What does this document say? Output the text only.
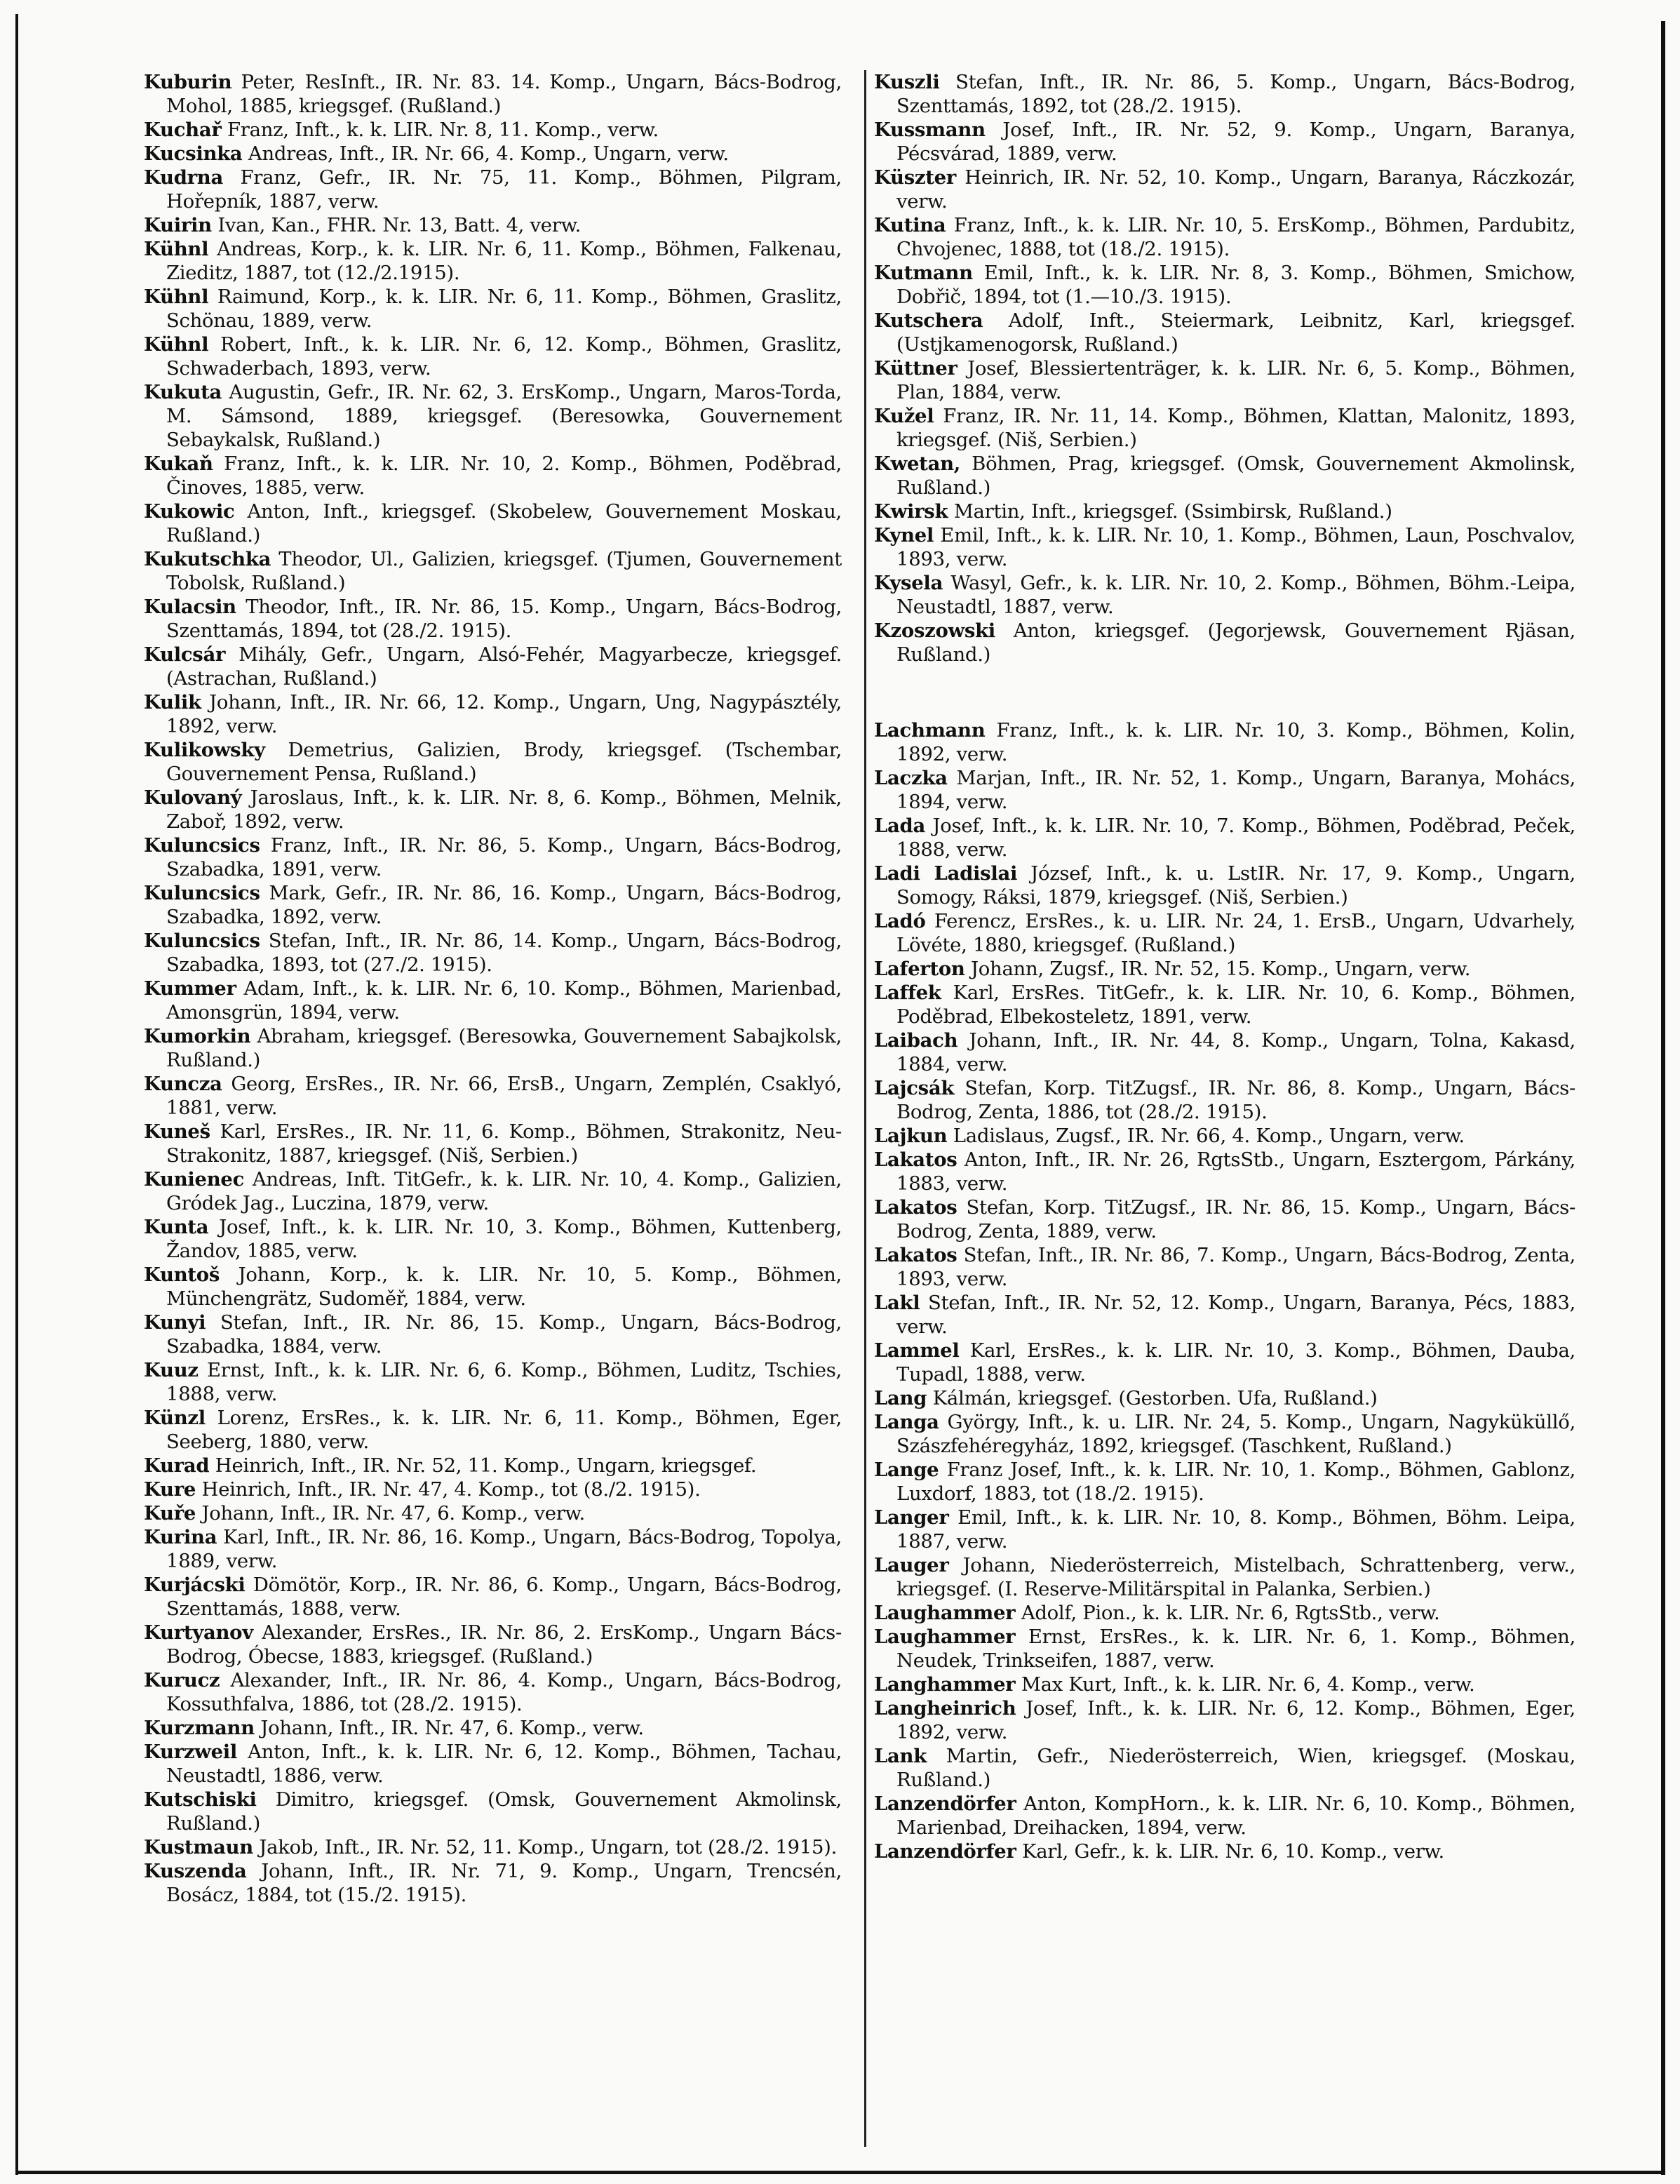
Kuburin Peter, ResInft., IR. Nr. 83. 14. Komp., Ungarn, Bács-Bodrog, Mohol, 1885, kriegsgef. (Rußland.)
Kuchař Franz, Inft., k. k. LIR. Nr. 8, 11. Komp., verw.
Kucsinka Andreas, Inft., IR. Nr. 66, 4. Komp., Ungarn, verw.
Kudrna Franz, Gefr., IR. Nr. 75, 11. Komp., Böhmen, Pilgram, Hořepník, 1887, verw.
Kuirin Ivan, Kan., FHR. Nr. 13, Batt. 4, verw.
Kühnl Andreas, Korp., k. k. LIR. Nr. 6, 11. Komp., Böhmen, Falkenau, Zieditz, 1887, tot (12./2.1915).
Kühnl Raimund, Korp., k. k. LIR. Nr. 6, 11. Komp., Böhmen, Graslitz, Schönau, 1889, verw.
Kühnl Robert, Inft., k. k. LIR. Nr. 6, 12. Komp., Böhmen, Graslitz, Schwaderbach, 1893, verw.
Kukuta Augustin, Gefr., IR. Nr. 62, 3. ErsKomp., Ungarn, Maros-Torda, M. Sámsond, 1889, kriegsgef. (Beresowka, Gouvernement Sebaykalsk, Rußland.)
Kukaň Franz, Inft., k. k. LIR. Nr. 10, 2. Komp., Böhmen, Poděbrad, Činoves, 1885, verw.
Kukowic Anton, Inft., kriegsgef. (Skobelew, Gouvernement Moskau, Rußland.)
Kukutschka Theodor, Ul., Galizien, kriegsgef. (Tjumen, Gouvernement Tobolsk, Rußland.)
Kulacsin Theodor, Inft., IR. Nr. 86, 15. Komp., Ungarn, Bács-Bodrog, Szenttamás, 1894, tot (28./2. 1915).
Kulcsár Mihály, Gefr., Ungarn, Alsó-Fehér, Magyarbecze, kriegsgef. (Astrachan, Rußland.)
Kulik Johann, Inft., IR. Nr. 66, 12. Komp., Ungarn, Ung, Nagypásztély, 1892, verw.
Kulikowsky Demetrius, Galizien, Brody, kriegsgef. (Tschembar, Gouvernement Pensa, Rußland.)
Kulovaný Jaroslaus, Inft., k. k. LIR. Nr. 8, 6. Komp., Böhmen, Melnik, Zaboř, 1892, verw.
Kuluncsics Franz, Inft., IR. Nr. 86, 5. Komp., Ungarn, Bács-Bodrog, Szabadka, 1891, verw.
Kuluncsics Mark, Gefr., IR. Nr. 86, 16. Komp., Ungarn, Bács-Bodrog, Szabadka, 1892, verw.
Kuluncsics Stefan, Inft., IR. Nr. 86, 14. Komp., Ungarn, Bács-Bodrog, Szabadka, 1893, tot (27./2. 1915).
Kummer Adam, Inft., k. k. LIR. Nr. 6, 10. Komp., Böhmen, Marienbad, Amonsgrün, 1894, verw.
Kumorkin Abraham, kriegsgef. (Beresowka, Gouvernement Sabajkolsk, Rußland.)
Kuncza Georg, ErsRes., IR. Nr. 66, ErsB., Ungarn, Zemplén, Csaklyó, 1881, verw.
Kuneš Karl, ErsRes., IR. Nr. 11, 6. Komp., Böhmen, Strakonitz, Neu-Strakonitz, 1887, kriegsgef. (Niš, Serbien.)
Kunienec Andreas, Inft. TitGefr., k. k. LIR. Nr. 10, 4. Komp., Galizien, Gródek Jag., Luczina, 1879, verw.
Kunta Josef, Inft., k. k. LIR. Nr. 10, 3. Komp., Böhmen, Kuttenberg, Žandov, 1885, verw.
Kuntoš Johann, Korp., k. k. LIR. Nr. 10, 5. Komp., Böhmen, Münchengrätz, Sudoměř, 1884, verw.
Kunyi Stefan, Inft., IR. Nr. 86, 15. Komp., Ungarn, Bács-Bodrog, Szabadka, 1884, verw.
Kuuz Ernst, Inft., k. k. LIR. Nr. 6, 6. Komp., Böhmen, Luditz, Tschies, 1888, verw.
Künzl Lorenz, ErsRes., k. k. LIR. Nr. 6, 11. Komp., Böhmen, Eger, Seeberg, 1880, verw.
Kurad Heinrich, Inft., IR. Nr. 52, 11. Komp., Ungarn, kriegsgef.
Kure Heinrich, Inft., IR. Nr. 47, 4. Komp., tot (8./2. 1915).
Kuře Johann, Inft., IR. Nr. 47, 6. Komp., verw.
Kurina Karl, Inft., IR. Nr. 86, 16. Komp., Ungarn, Bács-Bodrog, Topolya, 1889, verw.
Kurjácski Dömötör, Korp., IR. Nr. 86, 6. Komp., Ungarn, Bács-Bodrog, Szenttamás, 1888, verw.
Kurtyanov Alexander, ErsRes., IR. Nr. 86, 2. ErsKomp., Ungarn Bács-Bodrog, Óbecse, 1883, kriegsgef. (Rußland.)
Kurucz Alexander, Inft., IR. Nr. 86, 4. Komp., Ungarn, Bács-Bodrog, Kossuthfalva, 1886, tot (28./2. 1915).
Kurzmann Johann, Inft., IR. Nr. 47, 6. Komp., verw.
Kurzweil Anton, Inft., k. k. LIR. Nr. 6, 12. Komp., Böhmen, Tachau, Neustadtl, 1886, verw.
Kutschiski Dimitro, kriegsgef. (Omsk, Gouvernement Akmolinsk, Rußland.)
Kustmaun Jakob, Inft., IR. Nr. 52, 11. Komp., Ungarn, tot (28./2. 1915).
Kuszenda Johann, Inft., IR. Nr. 71, 9. Komp., Ungarn, Trencsén, Bosácz, 1884, tot (15./2. 1915).
Kuszli Stefan, Inft., IR. Nr. 86, 5. Komp., Ungarn, Bács-Bodrog, Szenttamás, 1892, tot (28./2. 1915).
Kussmann Josef, Inft., IR. Nr. 52, 9. Komp., Ungarn, Baranya, Pécsvárad, 1889, verw.
Küszter Heinrich, IR. Nr. 52, 10. Komp., Ungarn, Baranya, Ráczkozár, verw.
Kutina Franz, Inft., k. k. LIR. Nr. 10, 5. ErsKomp., Böhmen, Pardubitz, Chvojenec, 1888, tot (18./2. 1915).
Kutmann Emil, Inft., k. k. LIR. Nr. 8, 3. Komp., Böhmen, Smichow, Dobřič, 1894, tot (1.—10./3. 1915).
Kutschera Adolf, Inft., Steiermark, Leibnitz, Karl, kriegsgef. (Ustjkamenogorsk, Rußland.)
Küttner Josef, Blessiertenträger, k. k. LIR. Nr. 6, 5. Komp., Böhmen, Plan, 1884, verw.
Kužel Franz, IR. Nr. 11, 14. Komp., Böhmen, Klattan, Malonitz, 1893, kriegsgef. (Niš, Serbien.)
Kwetan, Böhmen, Prag, kriegsgef. (Omsk, Gouvernement Akmolinsk, Rußland.)
Kwirsk Martin, Inft., kriegsgef. (Ssimbirsk, Rußland.)
Kynel Emil, Inft., k. k. LIR. Nr. 10, 1. Komp., Böhmen, Laun, Poschvalov, 1893, verw.
Kysela Wasyl, Gefr., k. k. LIR. Nr. 10, 2. Komp., Böhmen, Böhm.-Leipa, Neustadtl, 1887, verw.
Kzoszowski Anton, kriegsgef. (Jegorjewsk, Gouvernement Rjäsan, Rußland.)
Lachmann Franz, Inft., k. k. LIR. Nr. 10, 3. Komp., Böhmen, Kolin, 1892, verw.
Laczka Marjan, Inft., IR. Nr. 52, 1. Komp., Ungarn, Baranya, Mohács, 1894, verw.
Lada Josef, Inft., k. k. LIR. Nr. 10, 7. Komp., Böhmen, Poděbrad, Peček, 1888, verw.
Ladi Ladislai József, Inft., k. u. LstIR. Nr. 17, 9. Komp., Ungarn, Somogy, Ráksi, 1879, kriegsgef. (Niš, Serbien.)
Ladó Ferencz, ErsRes., k. u. LIR. Nr. 24, 1. ErsB., Ungarn, Udvarhely, Lövéte, 1880, kriegsgef. (Rußland.)
Laferton Johann, Zugsf., IR. Nr. 52, 15. Komp., Ungarn, verw.
Laffek Karl, ErsRes. TitGefr., k. k. LIR. Nr. 10, 6. Komp., Böhmen, Poděbrad, Elbekosteletz, 1891, verw.
Laibach Johann, Inft., IR. Nr. 44, 8. Komp., Ungarn, Tolna, Kakasd, 1884, verw.
Lajcsák Stefan, Korp. TitZugsf., IR. Nr. 86, 8. Komp., Ungarn, Bács-Bodrog, Zenta, 1886, tot (28./2. 1915).
Lajkun Ladislaus, Zugsf., IR. Nr. 66, 4. Komp., Ungarn, verw.
Lakatos Anton, Inft., IR. Nr. 26, RgtsStb., Ungarn, Esztergom, Párkány, 1883, verw.
Lakatos Stefan, Korp. TitZugsf., IR. Nr. 86, 15. Komp., Ungarn, Bács-Bodrog, Zenta, 1889, verw.
Lakatos Stefan, Inft., IR. Nr. 86, 7. Komp., Ungarn, Bács-Bodrog, Zenta, 1893, verw.
Lakl Stefan, Inft., IR. Nr. 52, 12. Komp., Ungarn, Baranya, Pécs, 1883, verw.
Lammel Karl, ErsRes., k. k. LIR. Nr. 10, 3. Komp., Böhmen, Dauba, Tupadl, 1888, verw.
Lang Kálmán, kriegsgef. (Gestorben. Ufa, Rußland.)
Langa György, Inft., k. u. LIR. Nr. 24, 5. Komp., Ungarn, Nagyküküllő, Szászfehéregyház, 1892, kriegsgef. (Taschkent, Rußland.)
Lange Franz Josef, Inft., k. k. LIR. Nr. 10, 1. Komp., Böhmen, Gablonz, Luxdorf, 1883, tot (18./2. 1915).
Langer Emil, Inft., k. k. LIR. Nr. 10, 8. Komp., Böhmen, Böhm. Leipa, 1887, verw.
Lauger Johann, Niederösterreich, Mistelbach, Schrattenberg, verw., kriegsgef. (I. Reserve-Militärspital in Palanka, Serbien.)
Laughammer Adolf, Pion., k. k. LIR. Nr. 6, RgtsStb., verw.
Laughammer Ernst, ErsRes., k. k. LIR. Nr. 6, 1. Komp., Böhmen, Neudek, Trinkseifen, 1887, verw.
Langhammer Max Kurt, Inft., k. k. LIR. Nr. 6, 4. Komp., verw.
Langheinrich Josef, Inft., k. k. LIR. Nr. 6, 12. Komp., Böhmen, Eger, 1892, verw.
Lank Martin, Gefr., Niederösterreich, Wien, kriegsgef. (Moskau, Rußland.)
Lanzendörfer Anton, KompHorn., k. k. LIR. Nr. 6, 10. Komp., Böhmen, Marienbad, Dreihacken, 1894, verw.
Lanzendörfer Karl, Gefr., k. k. LIR. Nr. 6, 10. Komp., verw.
